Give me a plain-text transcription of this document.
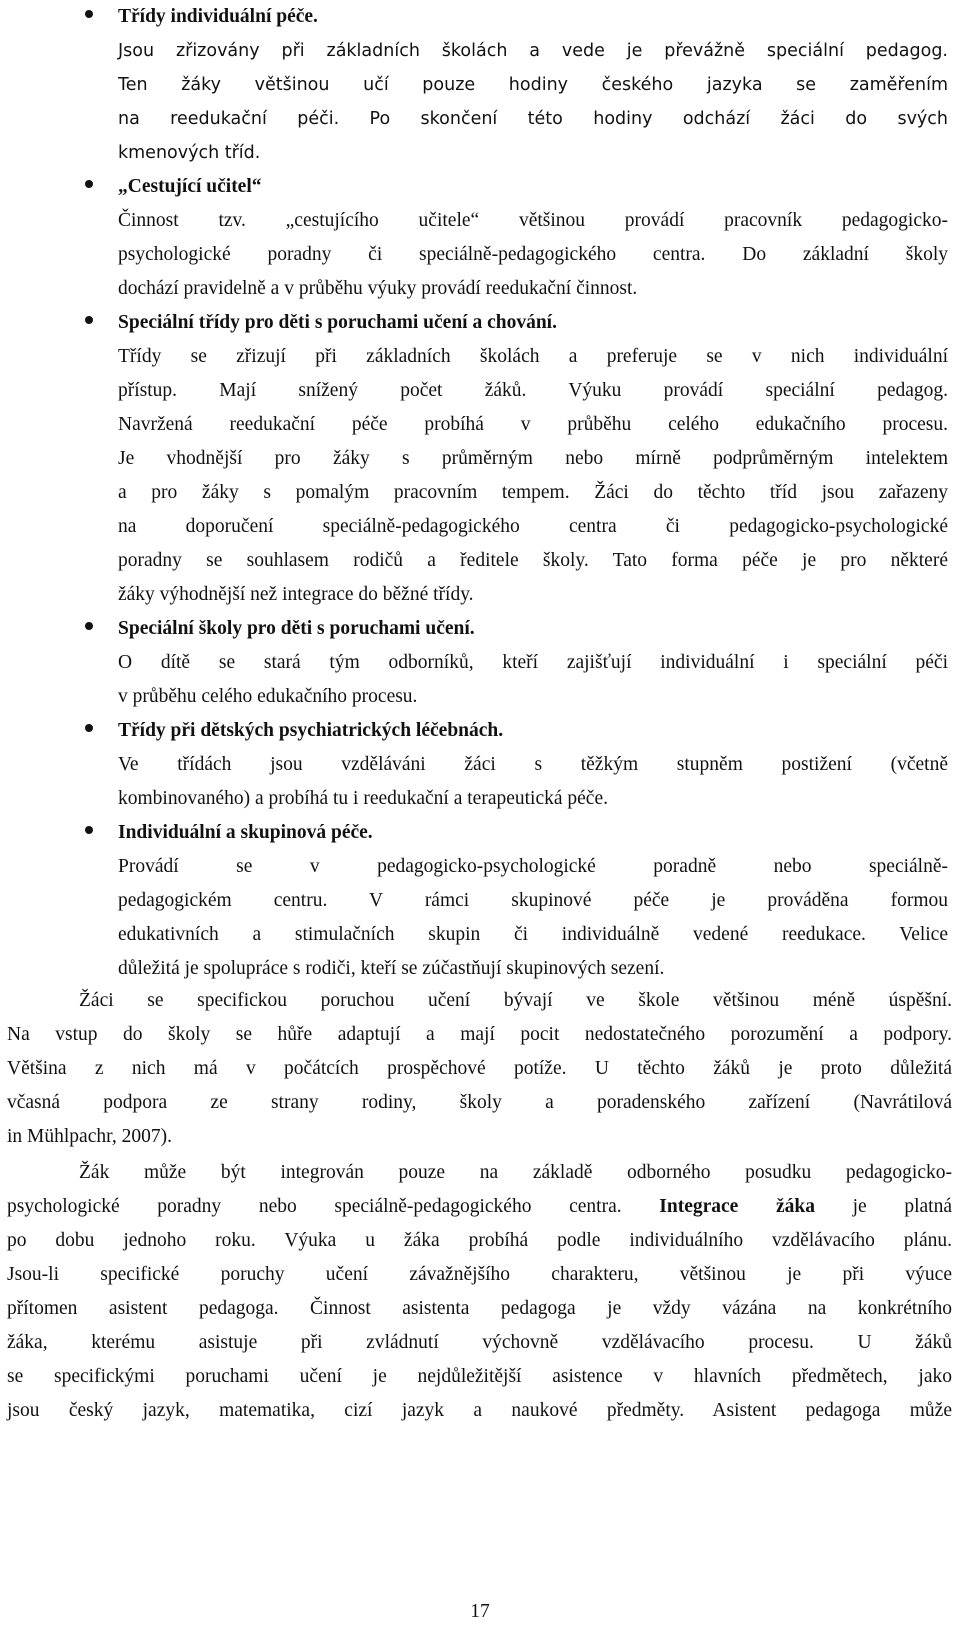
Třídy individuální péče.
Jsou zřizovány při základních školách a vede je převážně speciální pedagog.
Ten žáky většinou učí pouze hodiny českého jazyka se zaměřením
na reedukační péči. Po skončení této hodiny odchází žáci do svých
kmenových tříd.
„Cestující učitel“
Činnost tzv. „cestujícího učitele“ většinou provádí pracovník pedagogicko-
psychologické poradny či speciálně-pedagogického centra. Do základní školy
dochází pravidelně a v průběhu výuky provádí reedukační činnost.
Speciální třídy pro děti s poruchami učení a chování.
Třídy se zřizují při základních školách a preferuje se v nich individuální
přístup. Mají snížený počet žáků. Výuku provádí speciální pedagog.
Navržená reedukační péče probíhá v průběhu celého edukačního procesu.
Je vhodnější pro žáky s průměrným nebo mírně podprůměrným intelektem
a pro žáky s pomalým pracovním tempem. Žáci do těchto tříd jsou zařazeny
na doporučení speciálně-pedagogického centra či pedagogicko-psychologické
poradny se souhlasem rodičů a ředitele školy. Tato forma péče je pro některé
žáky výhodnější než integrace do běžné třídy.
Speciální školy pro děti s poruchami učení.
O dítě se stará tým odborníků, kteří zajišťují individuální i speciální péči
v průběhu celého edukačního procesu.
Třídy při dětských psychiatrických léčebnách.
Ve třídách jsou vzděláváni žáci s těžkým stupněm postižení (včetně
kombinovaného) a probíhá tu i reedukační a terapeutická péče.
Individuální a skupinová péče.
Provádí se v pedagogicko-psychologické poradně nebo speciálně-
pedagogickém centru. V rámci skupinové péče je prováděna formou
edukativních a stimulačních skupin či individuálně vedené reedukace. Velice
důležitá je spolupráce s rodiči, kteří se zúčastňují skupinových sezení.
Žáci se specifickou poruchou učení bývají ve škole většinou méně úspěšní.
Na vstup do školy se hůře adaptují a mají pocit nedostatečného porozumění a podpory.
Většina z nich má v počátcích prospěchové potíže. U těchto žáků je proto důležitá
včasná podpora ze strany rodiny, školy a poradenského zařízení (Navrátilová
in Mühlpachr, 2007).
Žák může být integrován pouze na základě odborného posudku pedagogicko-
psychologické poradny nebo speciálně-pedagogického centra. Integrace žáka je platná
po dobu jednoho roku. Výuka u žáka probíhá podle individuálního vzdělávacího plánu.
Jsou-li specifické poruchy učení závažnějšího charakteru, většinou je při výuce
přítomen asistent pedagoga. Činnost asistenta pedagoga je vždy vázána na konkrétního
žáka, kterému asistuje při zvládnutí výchovně vzdělávacího procesu. U žáků
se specifickými poruchami učení je nejdůležitější asistence v hlavních předmětech, jako
jsou český jazyk, matematika, cizí jazyk a naukové předměty. Asistent pedagoga může
17
